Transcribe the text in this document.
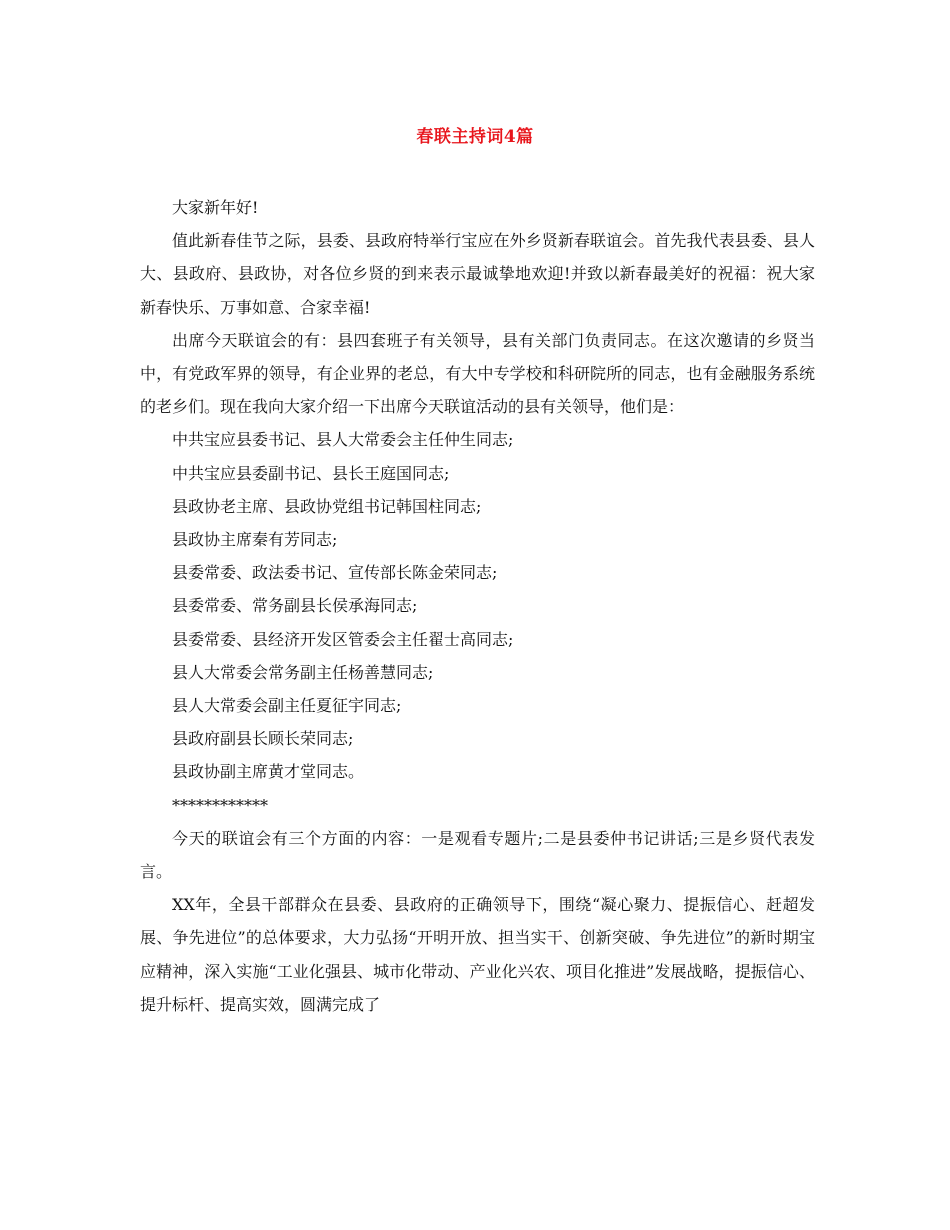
春联主持词4篇

大家新年好!

值此新春佳节之际，县委、县政府特举行宝应在外乡贤新春联谊会。首先我代表县委、县人大、县政府、县政协，对各位乡贤的到来表示最诚挚地欢迎!并致以新春最美好的祝福：祝大家新春快乐、万事如意、合家幸福!

出席今天联谊会的有：县四套班子有关领导，县有关部门负责同志。在这次邀请的乡贤当中，有党政军界的领导，有企业界的老总，有大中专学校和科研院所的同志，也有金融服务系统的老乡们。现在我向大家介绍一下出席今天联谊活动的县有关领导，他们是：

中共宝应县委书记、县人大常委会主任仲生同志;

中共宝应县委副书记、县长王庭国同志;

县政协老主席、县政协党组书记韩国柱同志;

县政协主席秦有芳同志;

县委常委、政法委书记、宣传部长陈金荣同志;

县委常委、常务副县长侯承海同志;

县委常委、县经济开发区管委会主任翟士高同志;

县人大常委会常务副主任杨善慧同志;

县人大常委会副主任夏征宇同志;

县政府副县长顾长荣同志;

县政协副主席黄才堂同志。

************

今天的联谊会有三个方面的内容：一是观看专题片;二是县委仲书记讲话;三是乡贤代表发言。

XX年，全县干部群众在县委、县政府的正确领导下，围绕“凝心聚力、提振信心、赶超发展、争先进位”的总体要求，大力弘扬“开明开放、担当实干、创新突破、争先进位”的新时期宝应精神，深入实施“工业化强县、城市化带动、产业化兴农、项目化推进”发展战略，提振信心、提升标杆、提高实效，圆满完成了
